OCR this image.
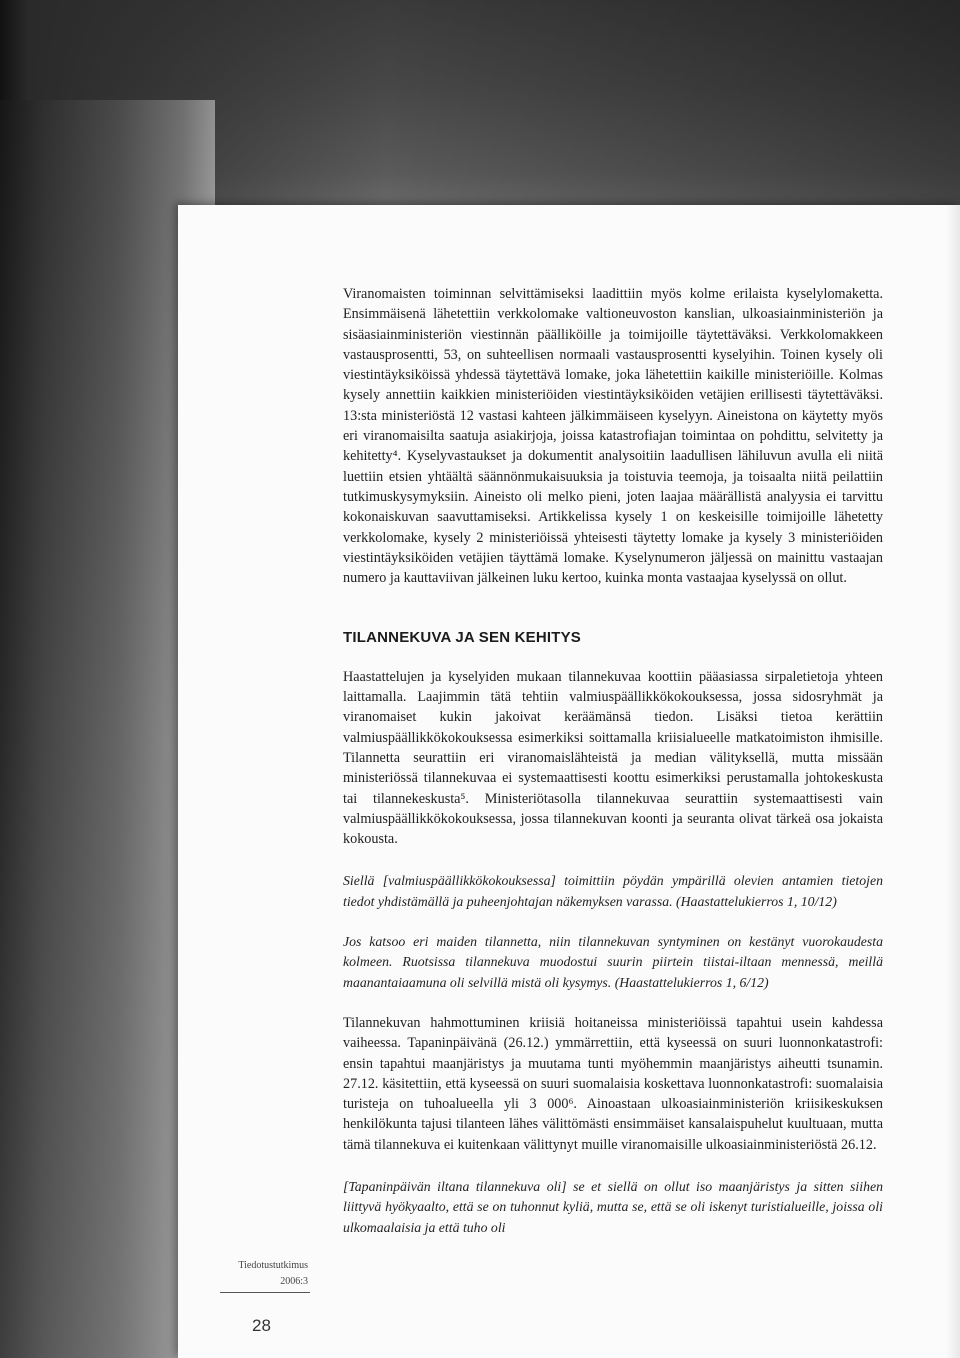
Viranomaisten toiminnan selvittämiseksi laadittiin myös kolme erilaista kyselylomaketta. Ensimmäisenä lähetettiin verkkolomake valtioneuvoston kanslian, ulkoasiainministeriön ja sisäasiainministeriön viestinnän päälliköille ja toimijoille täytettäväksi. Verkkolomakkeen vastausprosentti, 53, on suhteellisen normaali vastausprosentti kyselyihin. Toinen kysely oli viestintäyksiköissä yhdessä täytettävä lomake, joka lähetettiin kaikille ministeriöille. Kolmas kysely annettiin kaikkien ministeriöiden viestintäyksiköiden vetäjien erillisesti täytettäväksi. 13:sta ministeriöstä 12 vastasi kahteen jälkimmäiseen kyselyyn. Aineistona on käytetty myös eri viranomaisilta saatuja asiakirjoja, joissa katastrofiajan toimintaa on pohdittu, selvitetty ja kehitetty⁴. Kyselyvastaukset ja dokumentit analysoitiin laadullisen lähiluvun avulla eli niitä luettiin etsien yhtäältä säännönmukaisuuksia ja toistuvia teemoja, ja toisaalta niitä peilattiin tutkimuskysymyksiin. Aineisto oli melko pieni, joten laajaa määrällistä analyysia ei tarvittu kokonaiskuvan saavuttamiseksi. Artikkelissa kysely 1 on keskeisille toimijoille lähetetty verkkolomake, kysely 2 ministeriöissä yhteisesti täytetty lomake ja kysely 3 ministeriöiden viestintäyksiköiden vetäjien täyttämä lomake. Kyselynumeron jäljessä on mainittu vastaajan numero ja kauttaviivan jälkeinen luku kertoo, kuinka monta vastaajaa kyselyssä on ollut.

TILANNEKUVA JA SEN KEHITYS

Haastattelujen ja kyselyiden mukaan tilannekuvaa koottiin pääasiassa sirpaletietoja yhteen laittamalla. Laajimmin tätä tehtiin valmiuspäällikkökokouksessa, jossa sidosryhmät ja viranomaiset kukin jakoivat keräämänsä tiedon. Lisäksi tietoa kerättiin valmiuspäällikkökokouksessa esimerkiksi soittamalla kriisialueelle matkatoimiston ihmisille. Tilannetta seurattiin eri viranomaislähteistä ja median välityksellä, mutta missään ministeriössä tilannekuvaa ei systemaattisesti koottu esimerkiksi perustamalla johtokeskusta tai tilannekeskusta⁵. Ministeriötasolla tilannekuvaa seurattiin systemaattisesti vain valmiuspäällikkökokouksessa, jossa tilannekuvan koonti ja seuranta olivat tärkeä osa jokaista kokousta.

Siellä [valmiuspäällikkökokouksessa] toimittiin pöydän ympärillä olevien antamien tietojen tiedot yhdistämällä ja puheenjohtajan näkemyksen varassa. (Haastattelukierros 1, 10/12)

Jos katsoo eri maiden tilannetta, niin tilannekuvan syntyminen on kestänyt vuorokaudesta kolmeen. Ruotsissa tilannekuva muodostui suurin piirtein tiistai-iltaan mennessä, meillä maanantaiaamuna oli selvillä mistä oli kysymys. (Haastattelukierros 1, 6/12)

Tilannekuvan hahmottuminen kriisiä hoitaneissa ministeriöissä tapahtui usein kahdessa vaiheessa. Tapaninpäivänä (26.12.) ymmärrettiin, että kyseessä on suuri luonnonkatastrofi: ensin tapahtui maanjäristys ja muutama tunti myöhemmin maanjäristys aiheutti tsunamin. 27.12. käsitettiin, että kyseessä on suuri suomalaisia koskettava luonnonkatastrofi: suomalaisia turisteja on tuhoalueella yli 3 000⁶. Ainoastaan ulkoasiainministeriön kriisikeskuksen henkilökunta tajusi tilanteen lähes välittömästi ensimmäiset kansalaispuhelut kuultuaan, mutta tämä tilannekuva ei kuitenkaan välittynyt muille viranomaisille ulkoasiainministeriöstä 26.12.

[Tapaninpäivän iltana tilannekuva oli] se et siellä on ollut iso maanjäristys ja sitten siihen liittyvä hyökyaalto, että se on tuhonnut kyliä, mutta se, että se oli iskenyt turistialueille, joissa oli ulkomaalaisia ja että tuho oli

Tiedotustutkimus
2006:3
28
